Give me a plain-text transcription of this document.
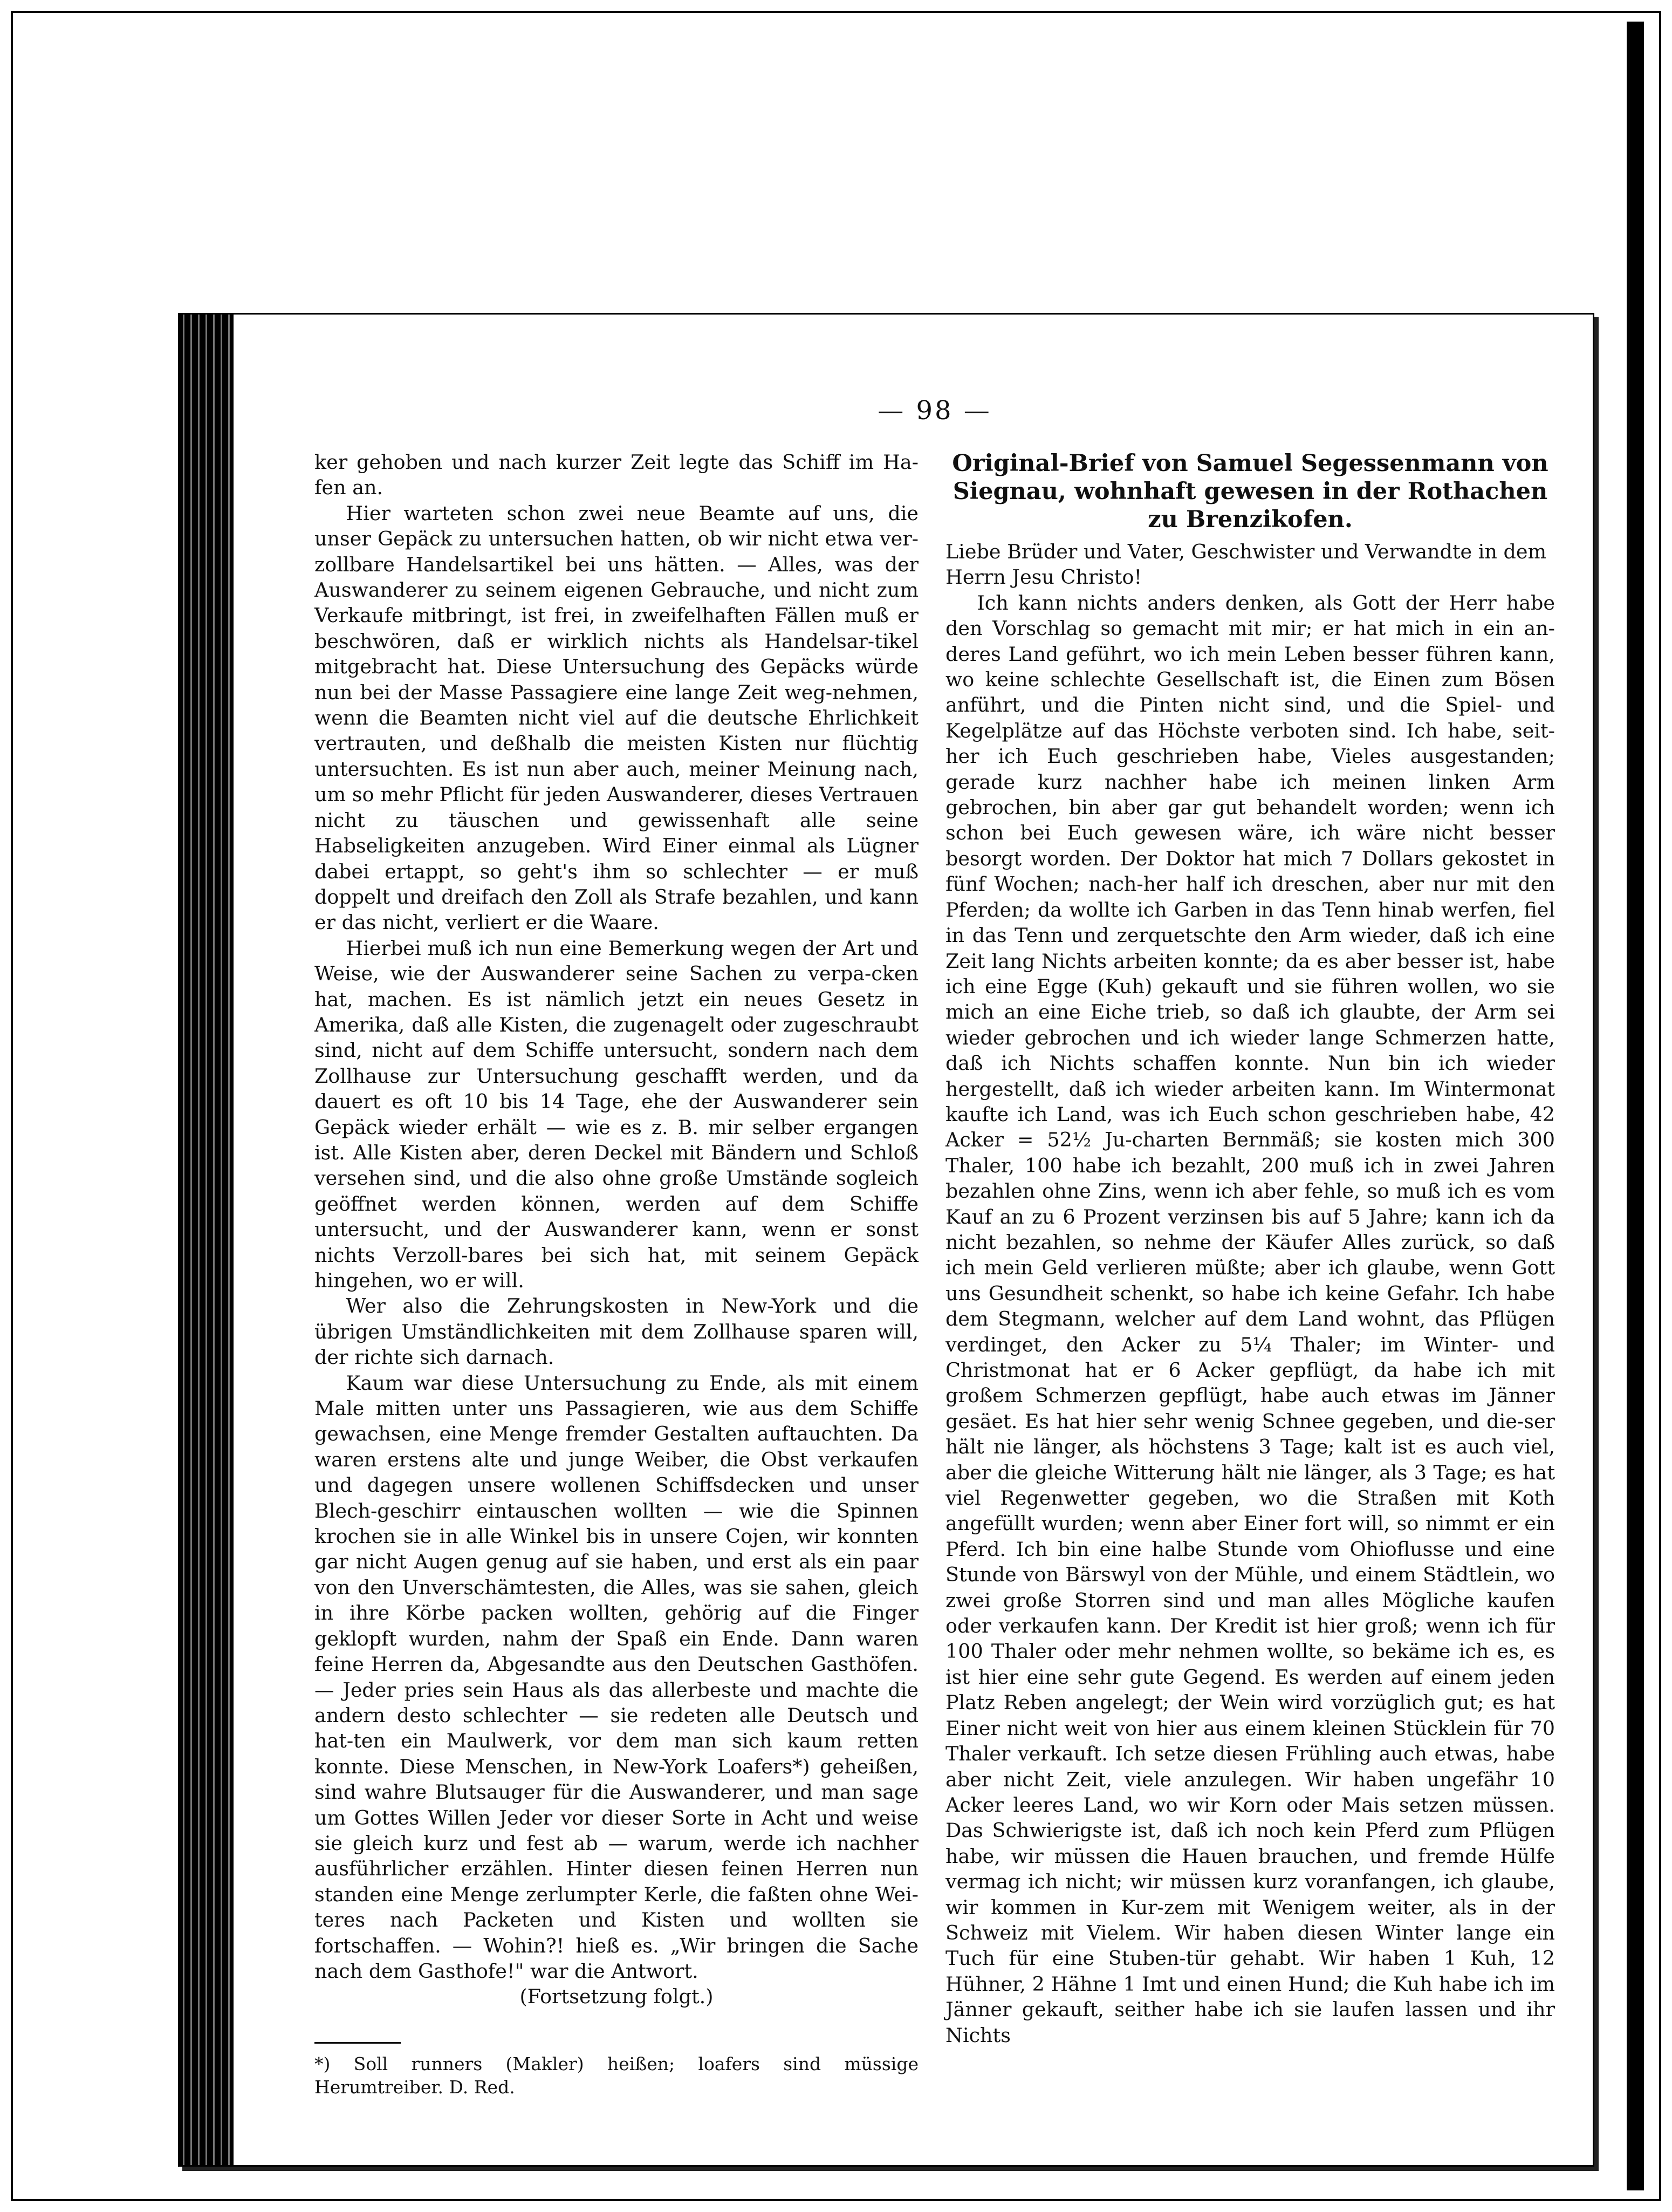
— 98 —

ker gehoben und nach kurzer Zeit legte das Schiff im Ha-fen an.

Hier warteten schon zwei neue Beamte auf uns, die unser Gepäck zu untersuchen hatten, ob wir nicht etwa ver-zollbare Handelsartikel bei uns hätten. — Alles, was der Auswanderer zu seinem eigenen Gebrauche, und nicht zum Verkaufe mitbringt, ist frei, in zweifelhaften Fällen muß er beschwören, daß er wirklich nichts als Handelsar-tikel mitgebracht hat. Diese Untersuchung des Gepäcks würde nun bei der Masse Passagiere eine lange Zeit weg-nehmen, wenn die Beamten nicht viel auf die deutsche Ehrlichkeit vertrauten, und deßhalb die meisten Kisten nur flüchtig untersuchten. Es ist nun aber auch, meiner Meinung nach, um so mehr Pflicht für jeden Auswanderer, dieses Vertrauen nicht zu täuschen und gewissenhaft alle seine Habseligkeiten anzugeben. Wird Einer einmal als Lügner dabei ertappt, so geht's ihm so schlechter — er muß doppelt und dreifach den Zoll als Strafe bezahlen, und kann er das nicht, verliert er die Waare.

Hierbei muß ich nun eine Bemerkung wegen der Art und Weise, wie der Auswanderer seine Sachen zu verpa-cken hat, machen. Es ist nämlich jetzt ein neues Gesetz in Amerika, daß alle Kisten, die zugenagelt oder zugeschraubt sind, nicht auf dem Schiffe untersucht, sondern nach dem Zollhause zur Untersuchung geschafft werden, und da dauert es oft 10 bis 14 Tage, ehe der Auswanderer sein Gepäck wieder erhält — wie es z. B. mir selber ergangen ist. Alle Kisten aber, deren Deckel mit Bändern und Schloß versehen sind, und die also ohne große Umstände sogleich geöffnet werden können, werden auf dem Schiffe untersucht, und der Auswanderer kann, wenn er sonst nichts Verzoll-bares bei sich hat, mit seinem Gepäck hingehen, wo er will.

Wer also die Zehrungskosten in New-York und die übrigen Umständlichkeiten mit dem Zollhause sparen will, der richte sich darnach.

Kaum war diese Untersuchung zu Ende, als mit einem Male mitten unter uns Passagieren, wie aus dem Schiffe gewachsen, eine Menge fremder Gestalten auftauchten. Da waren erstens alte und junge Weiber, die Obst verkaufen und dagegen unsere wollenen Schiffsdecken und unser Blech-geschirr eintauschen wollten — wie die Spinnen krochen sie in alle Winkel bis in unsere Cojen, wir konnten gar nicht Augen genug auf sie haben, und erst als ein paar von den Unverschämtesten, die Alles, was sie sahen, gleich in ihre Körbe packen wollten, gehörig auf die Finger geklopft wurden, nahm der Spaß ein Ende. Dann waren feine Herren da, Abgesandte aus den Deutschen Gasthöfen. — Jeder pries sein Haus als das allerbeste und machte die andern desto schlechter — sie redeten alle Deutsch und hat-ten ein Maulwerk, vor dem man sich kaum retten konnte. Diese Menschen, in New-York Loafers*) geheißen, sind wahre Blutsauger für die Auswanderer, und man sage um Gottes Willen Jeder vor dieser Sorte in Acht und weise sie gleich kurz und fest ab — warum, werde ich nachher ausführlicher erzählen. Hinter diesen feinen Herren nun standen eine Menge zerlumpter Kerle, die faßten ohne Wei-teres nach Packeten und Kisten und wollten sie fortschaffen. — Wohin?! hieß es. „Wir bringen die Sache nach dem Gasthofe!" war die Antwort.

(Fortsetzung folgt.)

*) Soll runners (Makler) heißen; loafers sind müssige Herumtreiber. D. Red.

Original-Brief von Samuel Segessenmann von Siegnau, wohnhaft gewesen in der Rothachen zu Brenzikofen.

Liebe Brüder und Vater, Geschwister und Verwandte in dem Herrn Jesu Christo!

Ich kann nichts anders denken, als Gott der Herr habe den Vorschlag so gemacht mit mir; er hat mich in ein an-deres Land geführt, wo ich mein Leben besser führen kann, wo keine schlechte Gesellschaft ist, die Einen zum Bösen anführt, und die Pinten nicht sind, und die Spiel- und Kegelplätze auf das Höchste verboten sind. Ich habe, seit-her ich Euch geschrieben habe, Vieles ausgestanden; gerade kurz nachher habe ich meinen linken Arm gebrochen, bin aber gar gut behandelt worden; wenn ich schon bei Euch gewesen wäre, ich wäre nicht besser besorgt worden. Der Doktor hat mich 7 Dollars gekostet in fünf Wochen; nach-her half ich dreschen, aber nur mit den Pferden; da wollte ich Garben in das Tenn hinab werfen, fiel in das Tenn und zerquetschte den Arm wieder, daß ich eine Zeit lang Nichts arbeiten konnte; da es aber besser ist, habe ich eine Egge (Kuh) gekauft und sie führen wollen, wo sie mich an eine Eiche trieb, so daß ich glaubte, der Arm sei wieder gebrochen und ich wieder lange Schmerzen hatte, daß ich Nichts schaffen konnte. Nun bin ich wieder hergestellt, daß ich wieder arbeiten kann. Im Wintermonat kaufte ich Land, was ich Euch schon geschrieben habe, 42 Acker = 52½ Ju-charten Bernmäß; sie kosten mich 300 Thaler, 100 habe ich bezahlt, 200 muß ich in zwei Jahren bezahlen ohne Zins, wenn ich aber fehle, so muß ich es vom Kauf an zu 6 Prozent verzinsen bis auf 5 Jahre; kann ich da nicht bezahlen, so nehme der Käufer Alles zurück, so daß ich mein Geld verlieren müßte; aber ich glaube, wenn Gott uns Gesundheit schenkt, so habe ich keine Gefahr. Ich habe dem Stegmann, welcher auf dem Land wohnt, das Pflügen verdinget, den Acker zu 5¼ Thaler; im Winter- und Christmonat hat er 6 Acker gepflügt, da habe ich mit großem Schmerzen gepflügt, habe auch etwas im Jänner gesäet. Es hat hier sehr wenig Schnee gegeben, und die-ser hält nie länger, als höchstens 3 Tage; kalt ist es auch viel, aber die gleiche Witterung hält nie länger, als 3 Tage; es hat viel Regenwetter gegeben, wo die Straßen mit Koth angefüllt wurden; wenn aber Einer fort will, so nimmt er ein Pferd. Ich bin eine halbe Stunde vom Ohioflusse und eine Stunde von Bärswyl von der Mühle, und einem Städtlein, wo zwei große Storren sind und man alles Mögliche kaufen oder verkaufen kann. Der Kredit ist hier groß; wenn ich für 100 Thaler oder mehr nehmen wollte, so bekäme ich es, es ist hier eine sehr gute Gegend. Es werden auf einem jeden Platz Reben angelegt; der Wein wird vorzüglich gut; es hat Einer nicht weit von hier aus einem kleinen Stücklein für 70 Thaler verkauft. Ich setze diesen Frühling auch etwas, habe aber nicht Zeit, viele anzulegen. Wir haben ungefähr 10 Acker leeres Land, wo wir Korn oder Mais setzen müssen. Das Schwierigste ist, daß ich noch kein Pferd zum Pflügen habe, wir müssen die Hauen brauchen, und fremde Hülfe vermag ich nicht; wir müssen kurz voranfangen, ich glaube, wir kommen in Kur-zem mit Wenigem weiter, als in der Schweiz mit Vielem. Wir haben diesen Winter lange ein Tuch für eine Stuben-tür gehabt. Wir haben 1 Kuh, 12 Hühner, 2 Hähne 1 Imt und einen Hund; die Kuh habe ich im Jänner gekauft, seither habe ich sie laufen lassen und ihr Nichts
